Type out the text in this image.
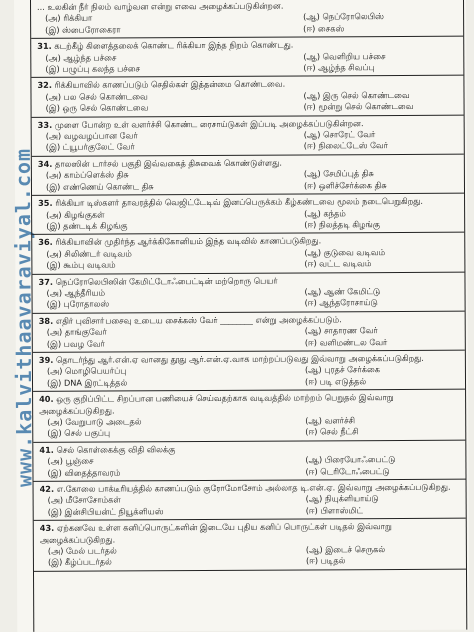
www.kalvithaavaraviyal.com
... உலகின் நீர் நிலம் வாழ்வன என்று எவை அழைக்கப்படுகின்றன.
(அ) ரிக்கியா	(ஆ) நெப்ரோலெபிஸ்
(இ) ஸ்பைரோகைரா	(ஈ) சைகஸ்
31. கடற்கீழ் கிளைத்தலைக் கொண்ட ரிக்கியா இந்த நிறம் கொண்டது.
(அ) ஆழ்ந்த பச்சை	(ஆ) வெளிறிய பச்சை
(இ) பழுப்பு கலந்த பச்சை	(ஈ) ஆழ்ந்த சிவப்பு
32. ரிக்கியாவில் காணப்படும் செதில்கள் இத்தன்மை கொண்டவை.
(அ) பல செல் கொண்டவை	(ஆ) இரு செல் கொண்டவை
(இ) ஒரு செல் கொண்டவை	(ஈ) மூன்று செல் கொண்டவை
33. முளை போன்ற உள் வளர்ச்சி கொண்ட ரைசாய்டுகள் இப்படி அழைக்கப்படுகின்றன.
(அ) வழவழப்பான வேர்	(ஆ) சொரேட் வேர்
(இ) ட்யூபர்குலேட் வேர்	(ஈ) நிலைட்டேஸ் வேர்
34. தாலஸின் டார்சல் பகுதி இவ்வகைத் திசுவைக் கொண்டுள்ளது.
(அ) காம்ப்ளெக்ஸ் திசு	(ஆ) சேமிப்புத் திசு
(இ) எண்ணெய் கொண்ட திசு	(ஈ) ஒளிச்சேர்க்கை திசு
35. ரிக்கியா டிஸ்களர் தாவரத்தில் வெஜிட்டேடிவ் இனப்பெருக்கம் கீழ்கண்டவை மூலம் நடைபெறுகிறது.
(அ) கிழங்குகள்	(ஆ) கந்தம்
(இ) தண்டடிக் கிழங்கு	(ஈ) நிலத்தடி கிழங்கு
36. ரிக்கியாவின் முதிர்ந்த ஆர்க்கிகோனியம் இந்த வடிவில் காணப்படுகிறது.
(அ) சிலிண்டர் வடிவம்	(ஆ) குடுவை வடிவம்
(இ) கூம்பு வடிவம்	(ஈ) வட்ட வடிவம்
37. நெப்ரோலெபிஸின் கேமிட்டோஃபைட்டின் மற்றொரு பெயர்
(அ) ஆந்தீரியம்	(ஆ) ஆண் கேமிட்டு
(இ) புரோதாலஸ்	(ஈ) ஆந்தரோசாய்டு
38. எதிர் புவிசாா்பசைவு உடைய சைக்கஸ் வேர் ________ என்று அழைக்கப்படும்.
(அ) தாங்குவேர்	(ஆ) சாதாரண வேர்
(இ) பவழ வேர்	(ஈ) வளிமண்டல வேர்
39. தொடர்ந்து ஆர்.என்.ஏ வானது தூது ஆர்.என்.ஏ.வாக மாற்றப்படுவது இவ்வாறு அழைக்கப்படுகிறது.
(அ) மொழிபெயர்ப்பு	(ஆ) புரதச் சேர்க்கை
(இ) DNA இரட்டித்தல்	(ஈ) படி எடுத்தல்
40. ஒரு குறிப்பிட்ட சிறப்பான பணியைச் செய்வதற்காக வடிவத்தில் மாற்றம் பெறுதல் இவ்வாறு அழைக்கப்படுகிறது.
(அ) வேறுபாடு அடைதல்	(ஆ) வளர்ச்சி
(இ) செல் பகுப்பு	(ஈ) செல் நீட்சி
41. செல் கொள்கைக்கு விதி விலக்கு
(அ) பூஞ்சை	(ஆ) பிரையோஃபைட்டு
(இ) விதைத்தாவரம்	(ஈ) டெரிடோஃபைட்டு
42. எ.கோலை பாக்டீரியத்தில் காணப்படும் குரோமோசோம் அல்லாத டி.என்.ஏ. இவ்வாறு அழைக்கப்படுகிறது.
(அ) மீசோசோம்கள்	(ஆ) நியுக்ளியாய்டு
(இ) இன்சிபியன்ட் நியூக்ளியஸ்	(ஈ) பிளாஸ்மிட்
43. ஏற்கனவே உள்ள கனிப்பொருட்களின் இடையே புதிய கனிப் பொருட்கள் படிதல் இவ்வாறு அழைக்கப்படுகிறது.
(அ) மேல் படர்தல்	(ஆ) இடைச் செருகல்
(இ) கீழ்ப்படர்தல்	(ஈ) படிதல்
